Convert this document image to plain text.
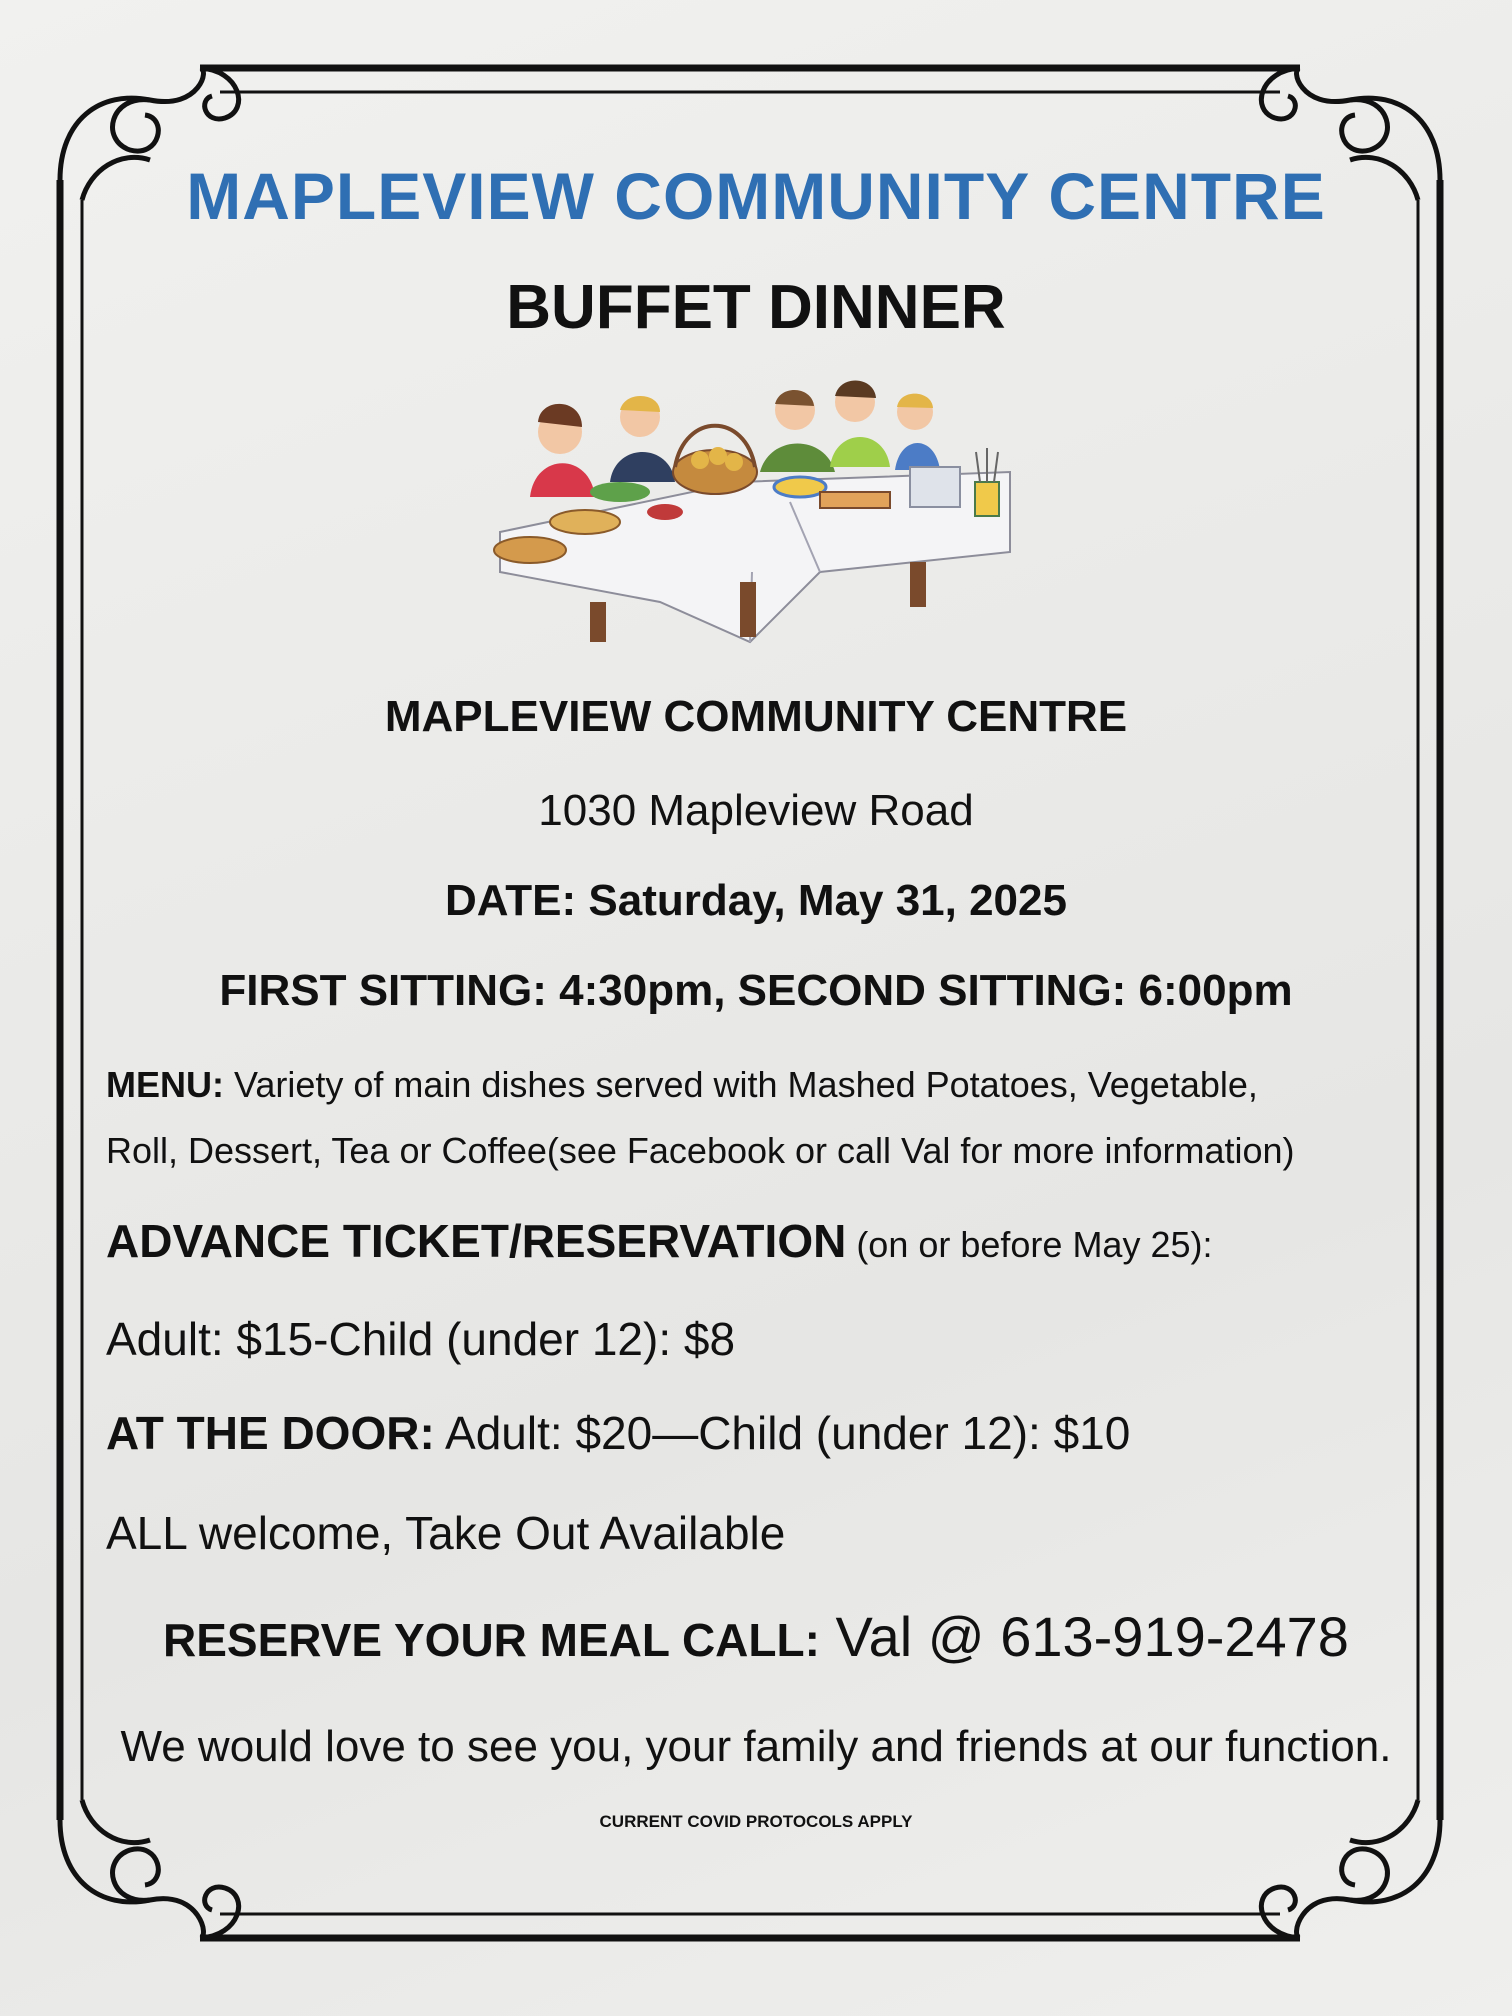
MAPLEVIEW COMMUNITY CENTRE
BUFFET DINNER
MAPLEVIEW COMMUNITY CENTRE
1030 Mapleview Road
DATE: Saturday, May 31, 2025
FIRST SITTING: 4:30pm, SECOND SITTING: 6:00pm
MENU: Variety of main dishes served with Mashed Potatoes, Vegetable,
Roll, Dessert, Tea or Coffee(see Facebook or call Val for more information)
ADVANCE TICKET/RESERVATION (on or before May 25):
Adult: $15-Child (under 12): $8
AT THE DOOR: Adult: $20—Child (under 12): $10
ALL welcome, Take Out Available
RESERVE YOUR MEAL CALL: Val @ 613-919-2478
We would love to see you, your family and friends at our function.
CURRENT COVID PROTOCOLS APPLY
